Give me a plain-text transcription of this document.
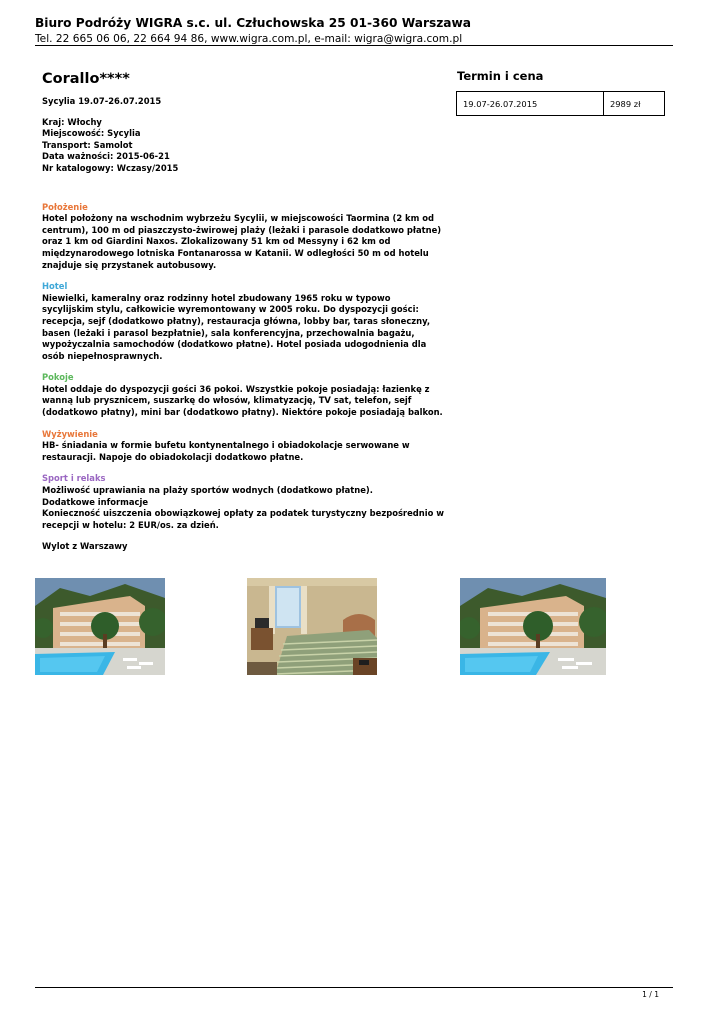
Biuro Podróży WIGRA s.c. ul. Człuchowska 25 01-360 Warszawa
Tel. 22 665 06 06, 22 664 94 86, www.wigra.com.pl, e-mail: wigra@wigra.com.pl
Corallo****

Sycylia 19.07-26.07.2015

Kraj: Włochy
Miejscowość: Sycylia
Transport: Samolot
Data ważności: 2015-06-21
Nr katalogowy: Wczasy/2015
Położenie
Hotel położony na wschodnim wybrzeżu Sycylii, w miejscowości Taormina (2 km od centrum), 100 m od piaszczysto-żwirowej plaży (leżaki i parasole dodatkowo płatne) oraz 1 km od Giardini Naxos. Zlokalizowany 51 km od Messyny i 62 km od międzynarodowego lotniska Fontanarossa w Katanii. W odległości 50 m od hotelu znajduje się przystanek autobusowy.
Hotel
Niewielki, kameralny oraz rodzinny hotel zbudowany 1965 roku w typowo sycylijskim stylu, całkowicie wyremontowany w 2005 roku. Do dyspozycji gości: recepcja, sejf (dodatkowo płatny), restauracja główna, lobby bar, taras słoneczny, basen (leżaki i parasol bezpłatnie), sala konferencyjna, przechowalnia bagażu, wypożyczalnia samochodów (dodatkowo płatne). Hotel posiada udogodnienia dla osób niepełnosprawnych.
Pokoje
Hotel oddaje do dyspozycji gości 36 pokoi. Wszystkie pokoje posiadają: łazienkę z wanną lub prysznicem, suszarkę do włosów, klimatyzację, TV sat, telefon, sejf (dodatkowo płatny), mini bar (dodatkowo płatny). Niektóre pokoje posiadają balkon.
Wyżywienie
HB- śniadania w formie bufetu kontynentalnego i obiadokolacje serwowane w restauracji. Napoje do obiadokolacji dodatkowo płatne.
Sport i relaks
Możliwość uprawiania na plaży sportów wodnych (dodatkowo płatne).
Dodatkowe informacje
Konieczność uiszczenia obowiązkowej opłaty za podatek turystyczny bezpośrednio w recepcji w hotelu: 2 EUR/os. za dzień.

Wylot z Warszawy

Termin i cena
19.07-26.07.2015	2989 zł
1 / 1
